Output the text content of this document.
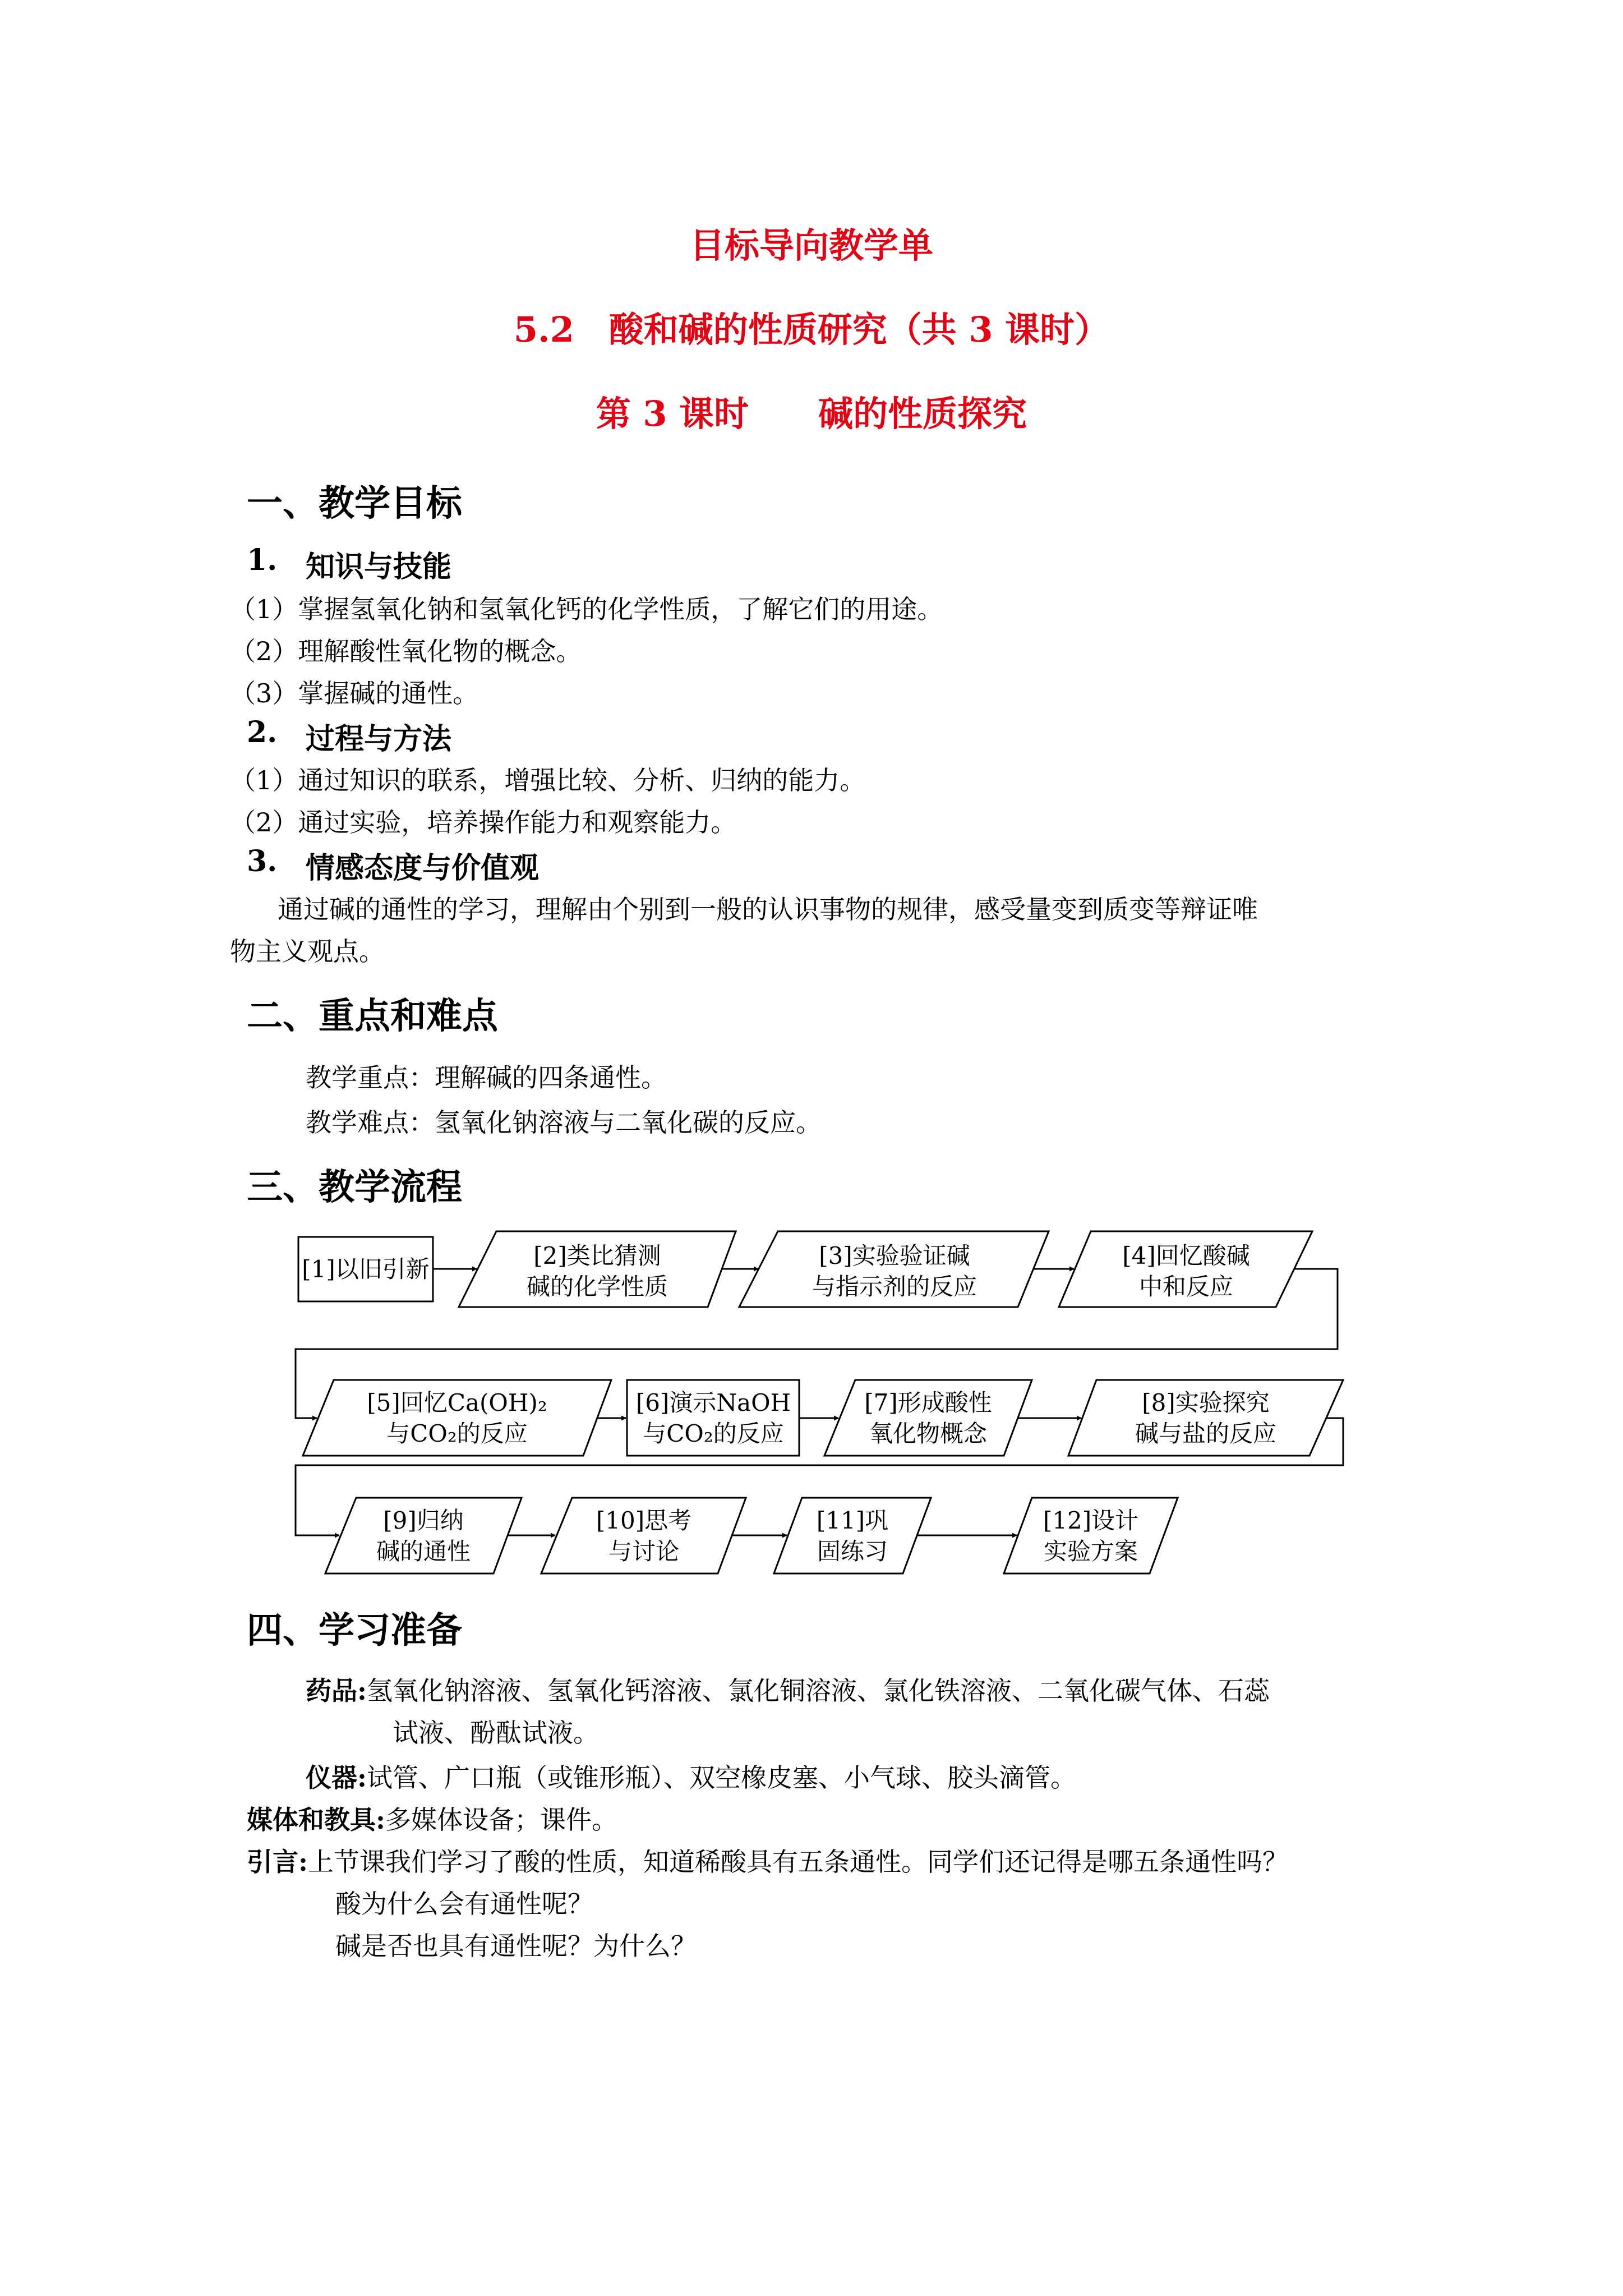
目标导向教学单
5.2　酸和碱的性质研究（共 3 课时）
第 3 课时　　碱的性质探究
一、教学目标
1. 知识与技能
（1）掌握氢氧化钠和氢氧化钙的化学性质，了解它们的用途。
（2）理解酸性氧化物的概念。
（3）掌握碱的通性。
2. 过程与方法
（1）通过知识的联系，增强比较、分析、归纳的能力。
（2）通过实验，培养操作能力和观察能力。
3. 情感态度与价值观
通过碱的通性的学习，理解由个别到一般的认识事物的规律，感受量变到质变等辩证唯
物主义观点。
二、重点和难点
教学重点：理解碱的四条通性。
教学难点：氢氧化钠溶液与二氧化碳的反应。
三、教学流程
[1]以旧引新	[2]类比猜测
碱的化学性质
[3]实验验证碱
与指示剂的反应
[4]回忆酸碱
中和反应
[5]回忆Ca(OH)₂
与CO₂的反应
[6]演示NaOH
与CO₂的反应
[7]形成酸性
氧化物概念
[8]实验探究
碱与盐的反应
[9]归纳
碱的通性
[10]思考
与讨论
[11]巩
固练习
[12]设计
实验方案
四、学习准备
药品:氢氧化钠溶液、氢氧化钙溶液、氯化铜溶液、氯化铁溶液、二氧化碳气体、石蕊
试液、酚酞试液。
仪器:试管、广口瓶（或锥形瓶）、双空橡皮塞、小气球、胶头滴管。
媒体和教具:多媒体设备；课件。
引言:上节课我们学习了酸的性质，知道稀酸具有五条通性。同学们还记得是哪五条通性吗？
酸为什么会有通性呢？
碱是否也具有通性呢？为什么？
